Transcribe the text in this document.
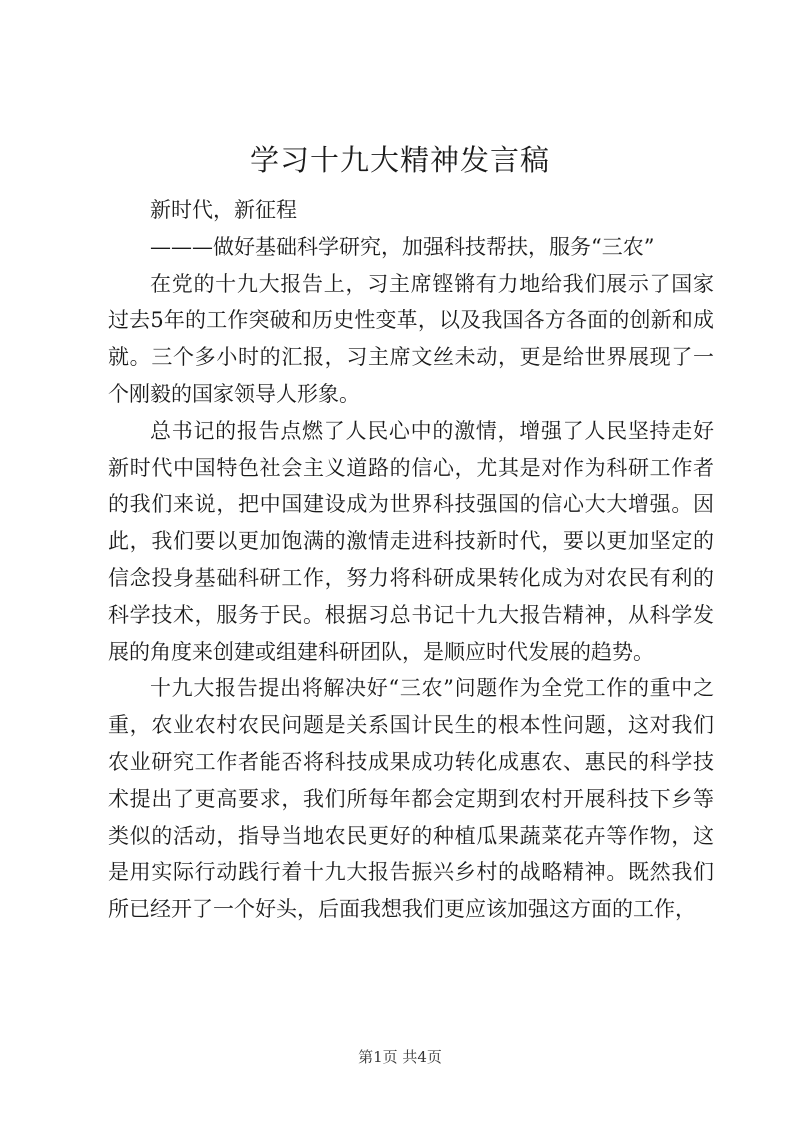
学习十九大精神发言稿

新时代，新征程

———做好基础科学研究，加强科技帮扶，服务“三农”

在党的十九大报告上，习主席铿锵有力地给我们展示了国家过去5年的工作突破和历史性变革，以及我国各方各面的创新和成就。三个多小时的汇报，习主席文丝未动，更是给世界展现了一个刚毅的国家领导人形象。

总书记的报告点燃了人民心中的激情，增强了人民坚持走好新时代中国特色社会主义道路的信心，尤其是对作为科研工作者的我们来说，把中国建设成为世界科技强国的信心大大增强。因此，我们要以更加饱满的激情走进科技新时代，要以更加坚定的信念投身基础科研工作，努力将科研成果转化成为对农民有利的科学技术，服务于民。根据习总书记十九大报告精神，从科学发展的角度来创建或组建科研团队，是顺应时代发展的趋势。

十九大报告提出将解决好“三农”问题作为全党工作的重中之重，农业农村农民问题是关系国计民生的根本性问题，这对我们农业研究工作者能否将科技成果成功转化成惠农、惠民的科学技术提出了更高要求，我们所每年都会定期到农村开展科技下乡等类似的活动，指导当地农民更好的种植瓜果蔬菜花卉等作物，这是用实际行动践行着十九大报告振兴乡村的战略精神。既然我们所已经开了一个好头，后面我想我们更应该加强这方面的工作，

第1页 共4页
